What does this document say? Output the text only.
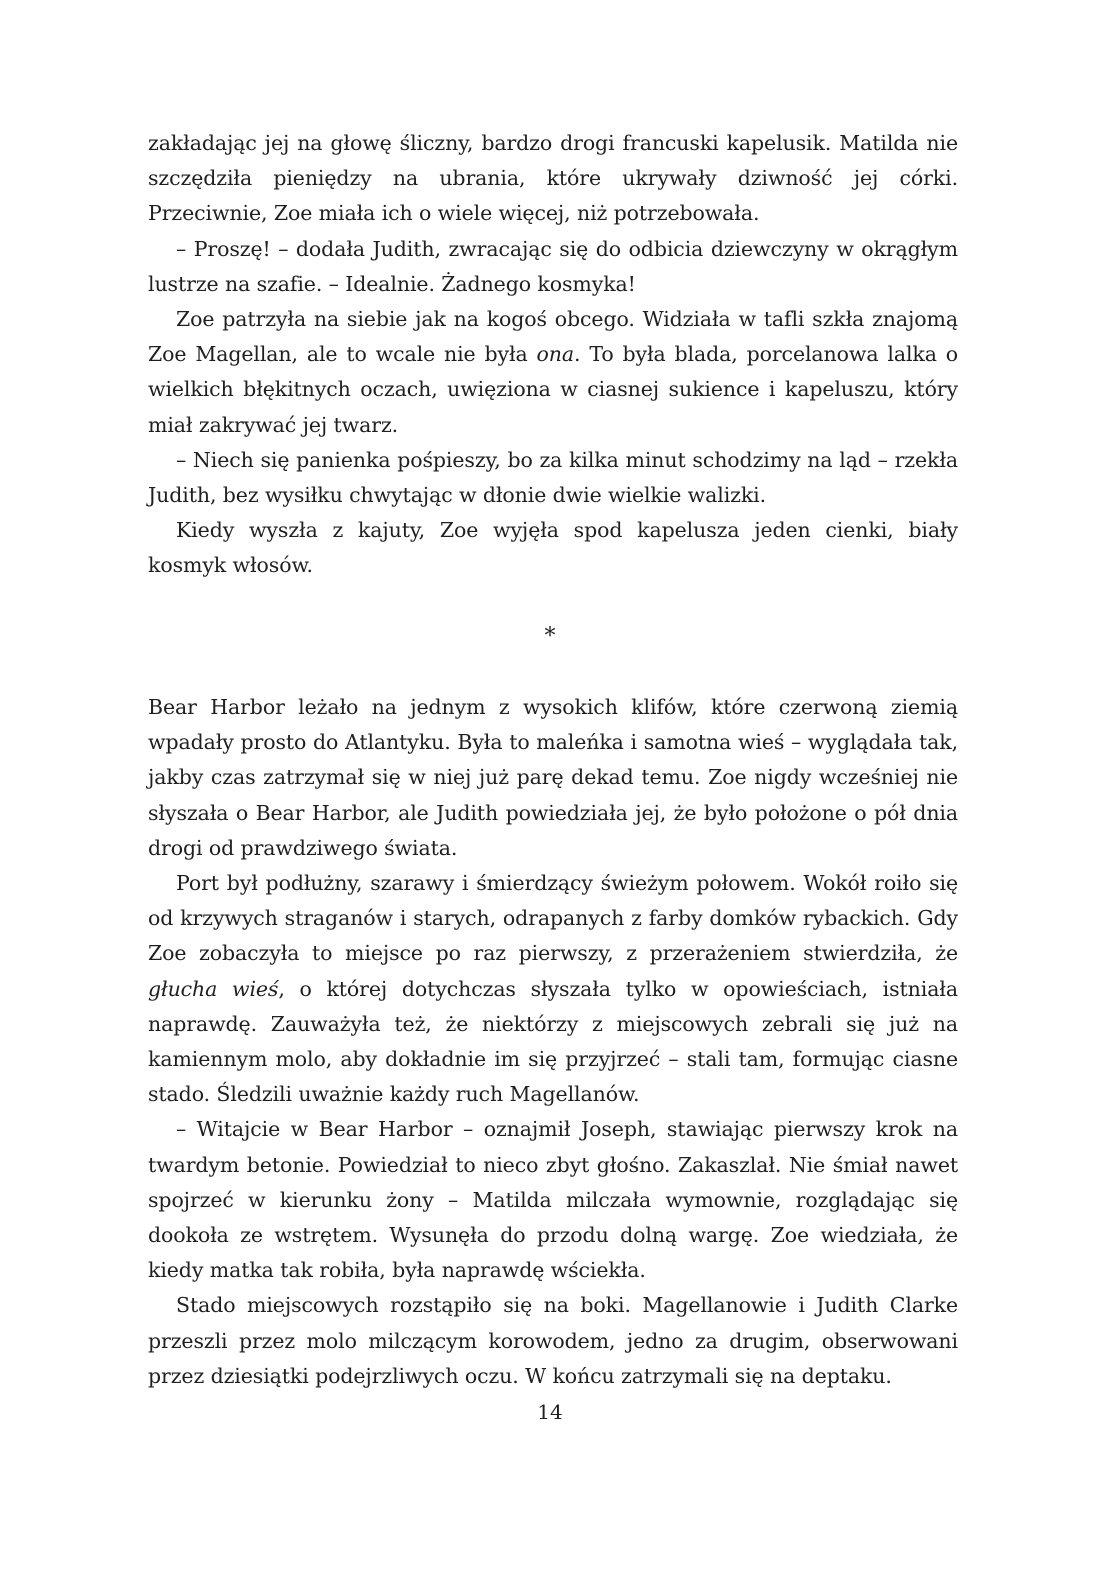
zakładając jej na głowę śliczny, bardzo drogi francuski kapelusik. Matilda nie szczędziła pieniędzy na ubrania, które ukrywały dziwność jej córki. Przeciwnie, Zoe miała ich o wiele więcej, niż potrzebowała.

– Proszę! – dodała Judith, zwracając się do odbicia dziewczyny w okrągłym lustrze na szafie. – Idealnie. Żadnego kosmyka!

Zoe patrzyła na siebie jak na kogoś obcego. Widziała w tafli szkła znajomą Zoe Magellan, ale to wcale nie była ona. To była blada, porcelanowa lalka o wielkich błękitnych oczach, uwięziona w ciasnej sukience i kapeluszu, który miał zakrywać jej twarz.

– Niech się panienka pośpieszy, bo za kilka minut schodzimy na ląd – rzekła Judith, bez wysiłku chwytając w dłonie dwie wielkie walizki.

Kiedy wyszła z kajuty, Zoe wyjęła spod kapelusza jeden cienki, biały kosmyk włosów.

*

Bear Harbor leżało na jednym z wysokich klifów, które czerwoną ziemią wpadały prosto do Atlantyku. Była to maleńka i samotna wieś – wyglądała tak, jakby czas zatrzymał się w niej już parę dekad temu. Zoe nigdy wcześniej nie słyszała o Bear Harbor, ale Judith powiedziała jej, że było położone o pół dnia drogi od prawdziwego świata.

Port był podłużny, szarawy i śmierdzący świeżym połowem. Wokół roiło się od krzywych straganów i starych, odrapanych z farby domków rybackich. Gdy Zoe zobaczyła to miejsce po raz pierwszy, z przerażeniem stwierdziła, że głucha wieś, o której dotychczas słyszała tylko w opowieściach, istniała naprawdę. Zauważyła też, że niektórzy z miejscowych zebrali się już na kamiennym molo, aby dokładnie im się przyjrzeć – stali tam, formując ciasne stado. Śledzili uważnie każdy ruch Magellanów.

– Witajcie w Bear Harbor – oznajmił Joseph, stawiając pierwszy krok na twardym betonie. Powiedział to nieco zbyt głośno. Zakaszlał. Nie śmiał nawet spojrzeć w kierunku żony – Matilda milczała wymownie, rozglądając się dookoła ze wstrętem. Wysunęła do przodu dolną wargę. Zoe wiedziała, że kiedy matka tak robiła, była naprawdę wściekła.

Stado miejscowych rozstąpiło się na boki. Magellanowie i Judith Clarke przeszli przez molo milczącym korowodem, jedno za drugim, obserwowani przez dziesiątki podejrzliwych oczu. W końcu zatrzymali się na deptaku.

14
